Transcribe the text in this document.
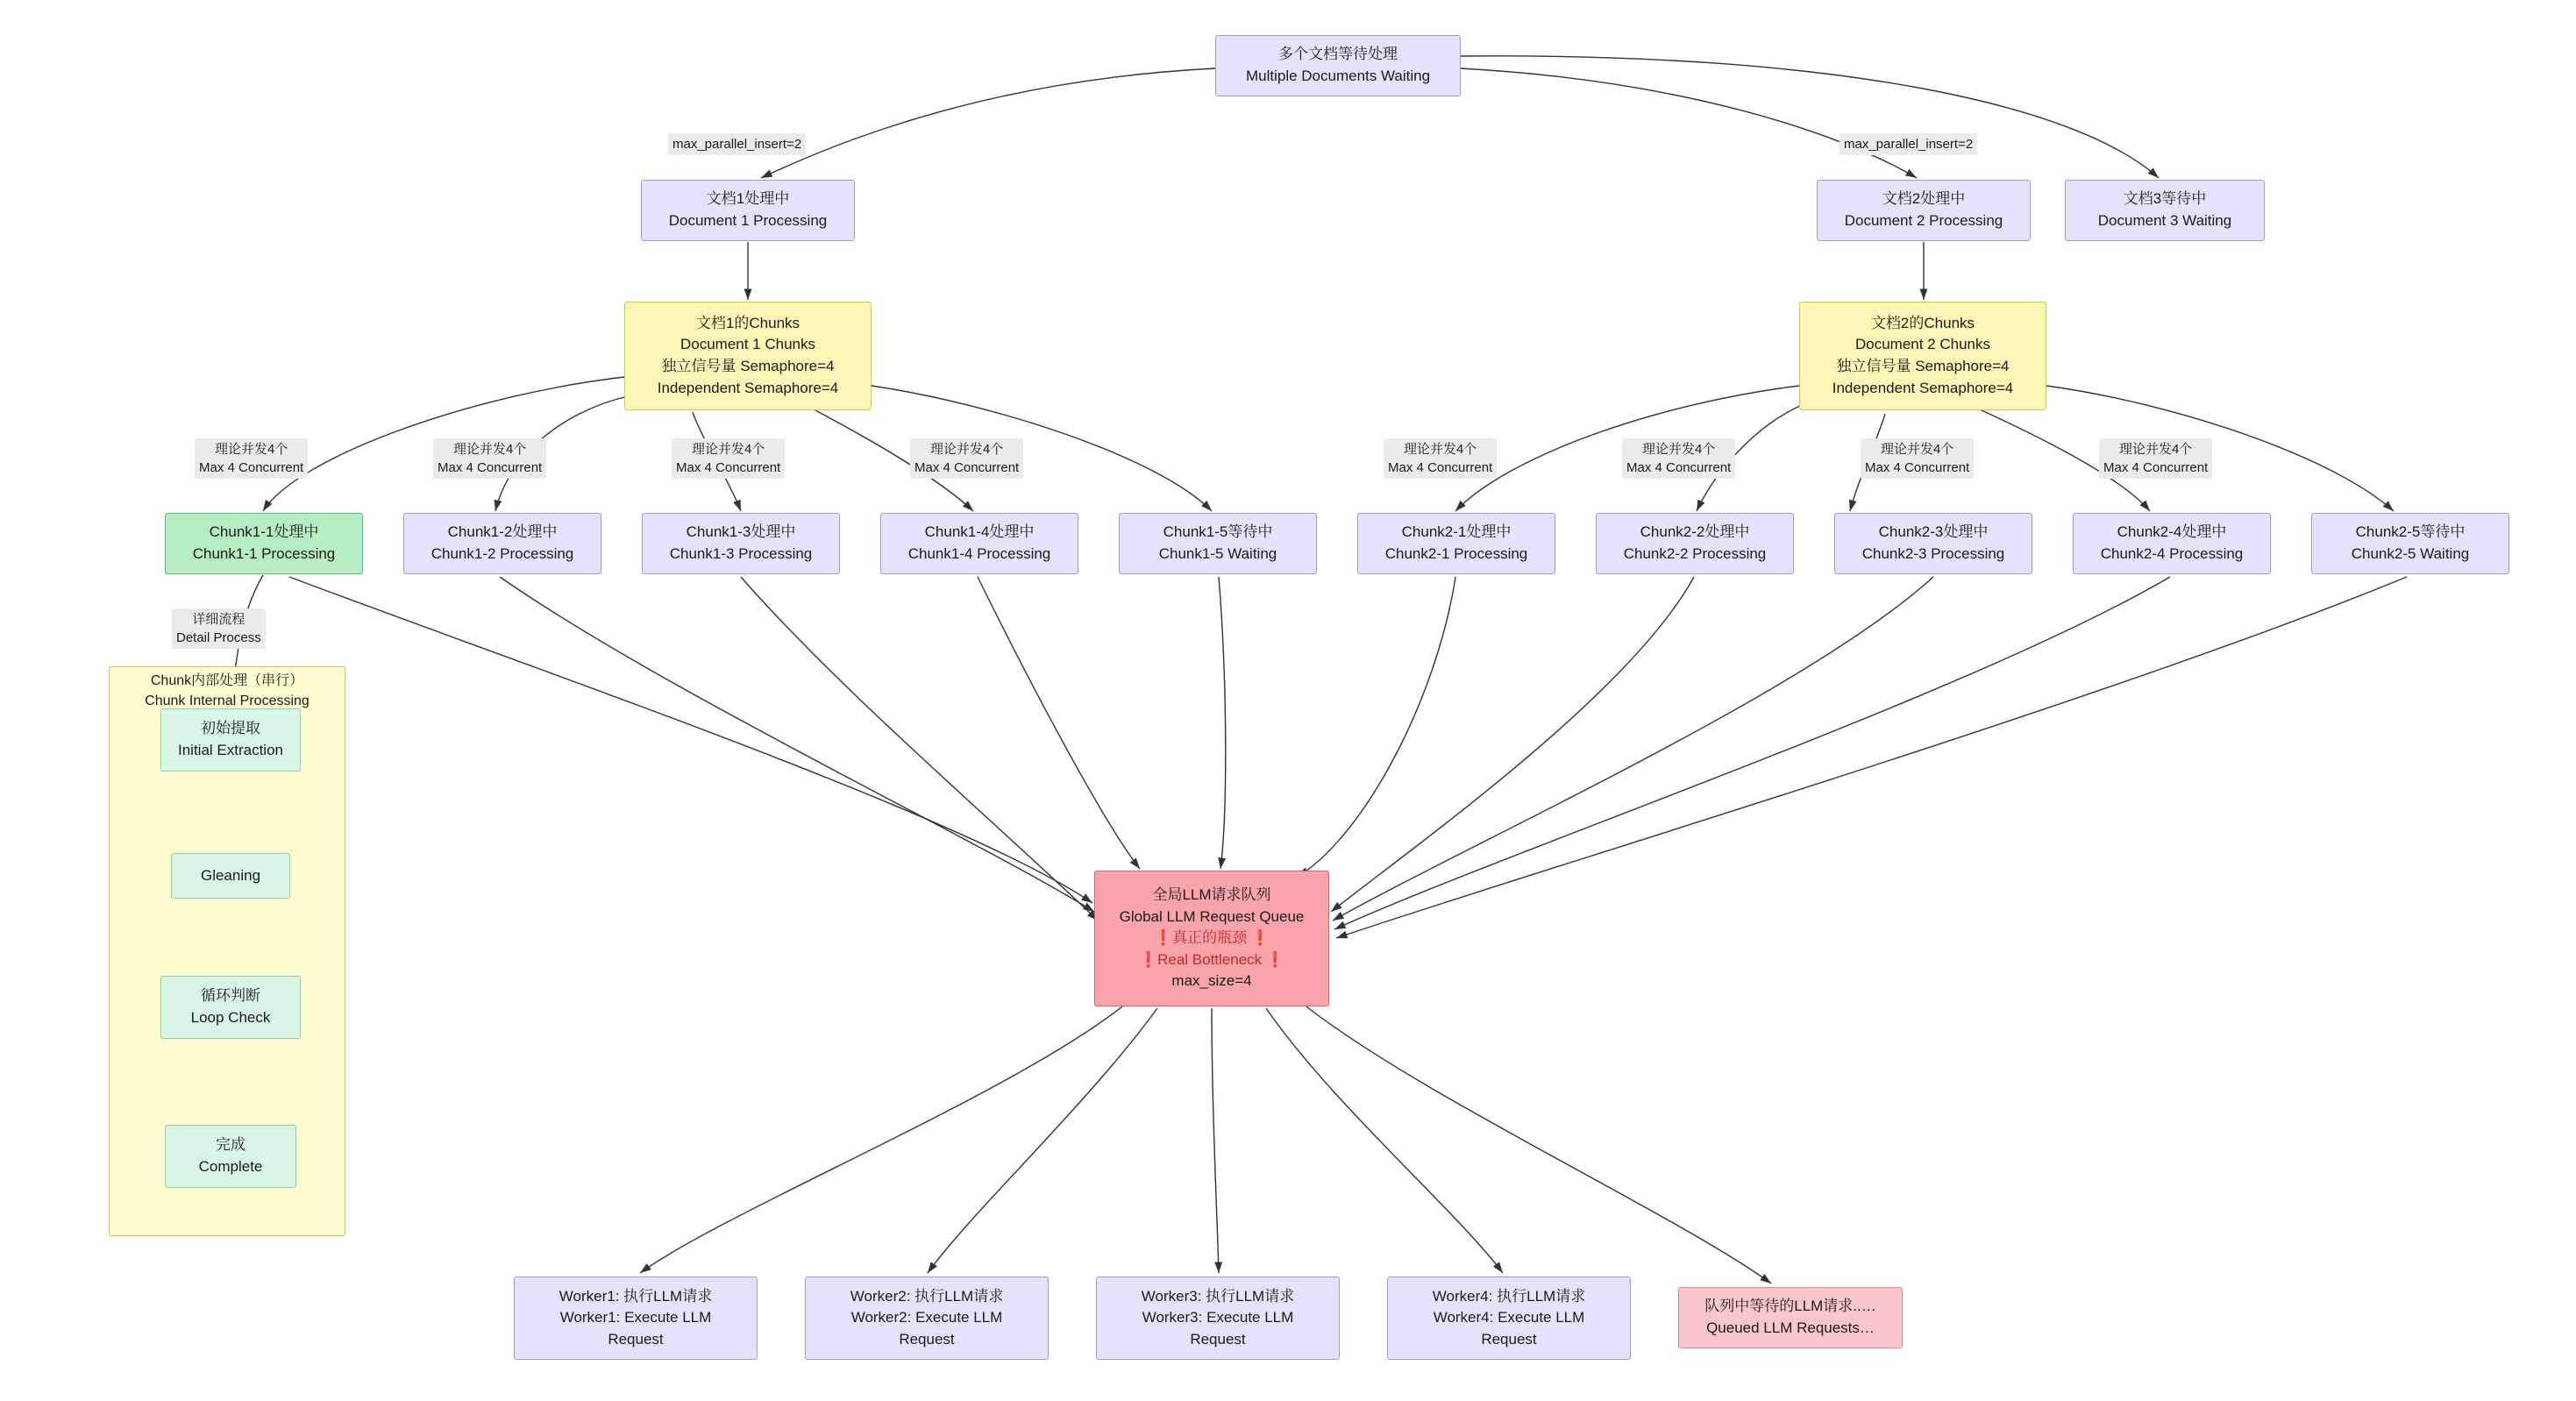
Chunk内部处理（串行）
Chunk Internal Processing
多个文档等待处理
Multiple Documents Waiting
文档1处理中
Document 1 Processing
文档2处理中
Document 2 Processing
文档3等待中
Document 3 Waiting
文档1的Chunks
Document 1 Chunks
独立信号量 Semaphore=4
Independent Semaphore=4
文档2的Chunks
Document 2 Chunks
独立信号量 Semaphore=4
Independent Semaphore=4
Chunk1-1处理中
Chunk1-1 Processing
Chunk1-2处理中
Chunk1-2 Processing
Chunk1-3处理中
Chunk1-3 Processing
Chunk1-4处理中
Chunk1-4 Processing
Chunk1-5等待中
Chunk1-5 Waiting
Chunk2-1处理中
Chunk2-1 Processing
Chunk2-2处理中
Chunk2-2 Processing
Chunk2-3处理中
Chunk2-3 Processing
Chunk2-4处理中
Chunk2-4 Processing
Chunk2-5等待中
Chunk2-5 Waiting
全局LLM请求队列
Global LLM Request Queue
❗真正的瓶颈 ❗
❗Real Bottleneck ❗
max_size=4
Worker1: 执行LLM请求
Worker1: Execute LLM
Request
Worker2: 执行LLM请求
Worker2: Execute LLM
Request
Worker3: 执行LLM请求
Worker3: Execute LLM
Request
Worker4: 执行LLM请求
Worker4: Execute LLM
Request
队列中等待的LLM请求..…
Queued LLM Requests…
初始提取
Initial Extraction
Gleaning
循环判断
Loop Check
完成
Complete
max_parallel_insert=2	max_parallel_insert=2
理论并发4个
Max 4 Concurrent
理论并发4个
Max 4 Concurrent
理论并发4个
Max 4 Concurrent
理论并发4个
Max 4 Concurrent
理论并发4个
Max 4 Concurrent
理论并发4个
Max 4 Concurrent
理论并发4个
Max 4 Concurrent
理论并发4个
Max 4 Concurrent
详细流程
Detail Process
